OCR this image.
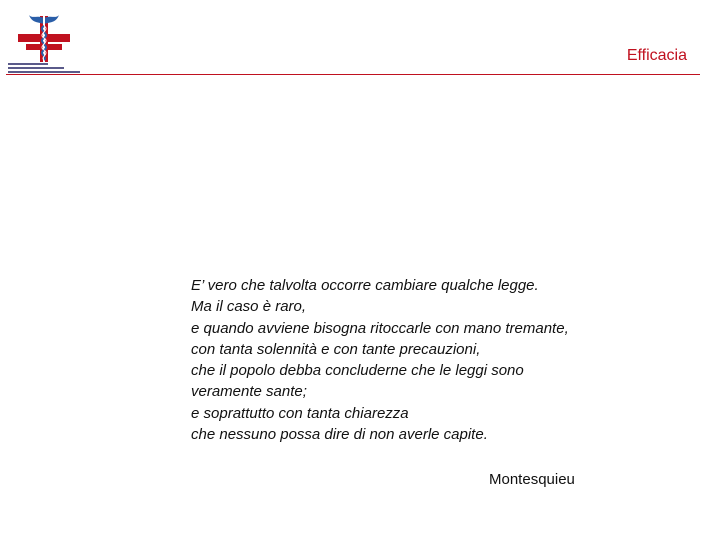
Efficacia
E’ vero che talvolta occorre cambiare qualche legge.
Ma il caso è raro,
e quando avviene bisogna ritoccarle con mano tremante,
con tanta solennità e con tante precauzioni,
che il popolo debba concluderne che le leggi sono
veramente sante;
e soprattutto con tanta chiarezza
che nessuno possa dire di non averle capite.
Montesquieu
